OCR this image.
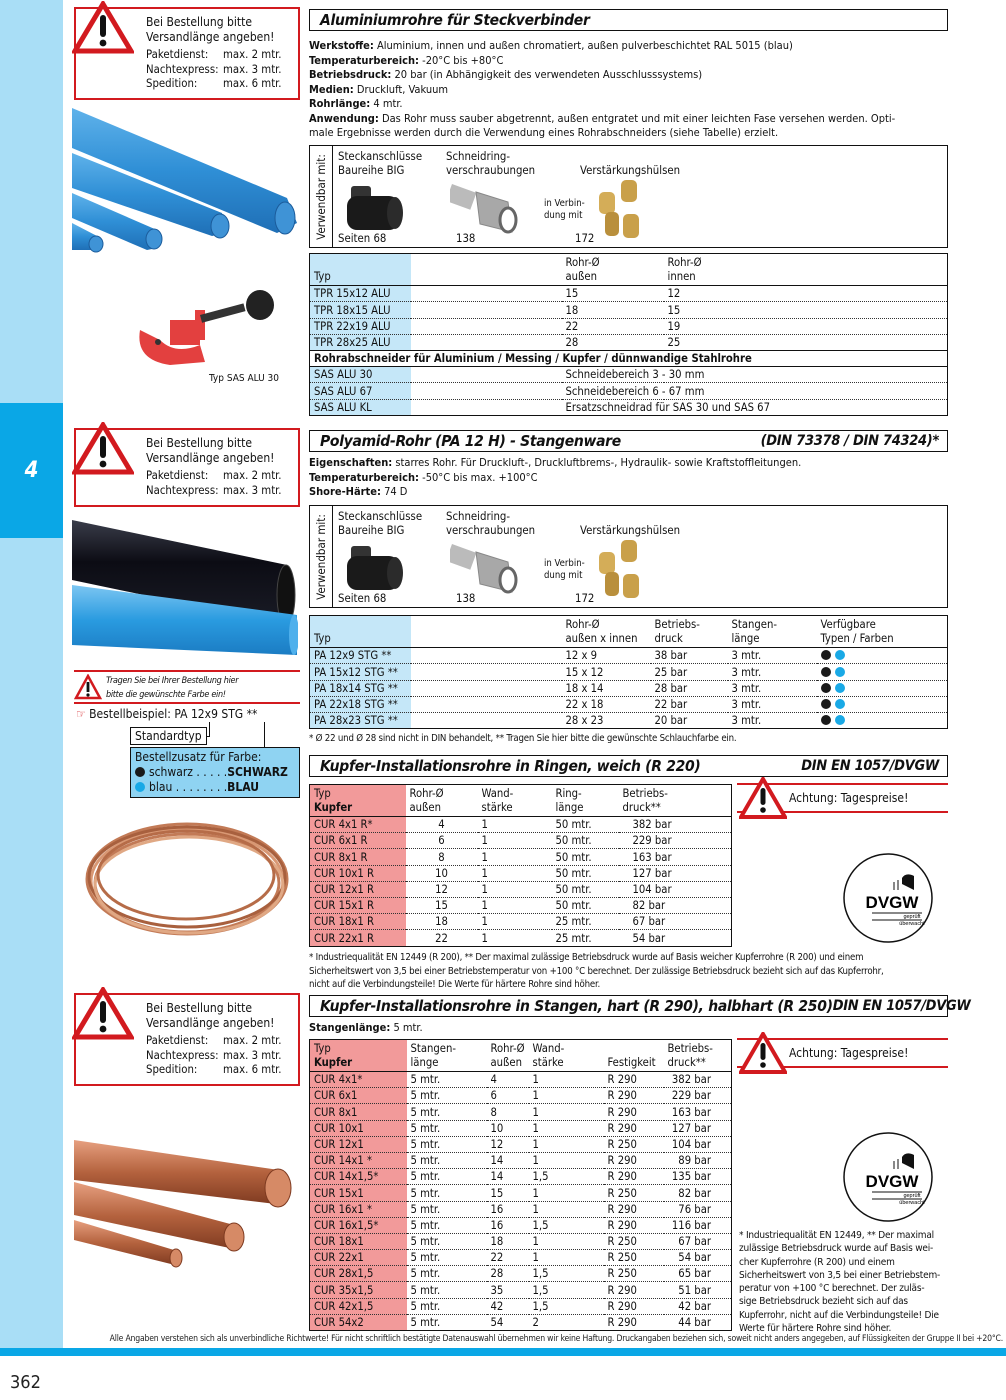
4
Bei Bestellung bitte
Versandlänge angeben!
Paketdienst:	max. 2 mtr.
Nachtexpress: max. 3 mtr.
Spedition:	max. 6 mtr.
Typ SAS ALU 30
Aluminiumrohre für Steckverbinder
Werkstoffe: Aluminium, innen und außen chromatiert, außen pulverbeschichtet RAL 5015 (blau)
Temperaturbereich: -20°C bis +80°C
Betriebsdruck: 20 bar (in Abhängigkeit des verwendeten Ausschlusssystems)
Medien: Druckluft, Vakuum
Rohrlänge: 4 mtr.
Anwendung: Das Rohr muss sauber abgetrennt, außen entgratet und mit einer leichten Fase versehen werden. Opti-
male Ergebnisse werden durch die Verwendung eines Rohrabschneiders (siehe Tabelle) erzielt.
Verwendbar mit: Steckanschlüsse
Baureihe BIG
Schneidring-
verschraubungen	Verstärkungshülsen
in Verbin-
dung mit
Seiten 68	138	172
Typ		
Rohr-Ø
außen

Rohr-Ø
innen

TPR 15x12 ALU		15	12
TPR 18x15 ALU		18	15
TPR 22x19 ALU		22	19
TPR 28x25 ALU		28	25
Rohrabschneider für Aluminium / Messing / Kupfer / dünnwandige Stahlrohre
SAS ALU 30		Schneidebereich 3 - 30 mm
SAS ALU 67		Schneidebereich 6 - 67 mm
SAS ALU KL		Ersatzschneidrad für SAS 30 und SAS 67
Bei Bestellung bitte
Versandlänge angeben!
Paketdienst:	max. 2 mtr.
Nachtexpress: max. 3 mtr.
Polyamid-Rohr (PA 12 H) - Stangenware	(DIN 73378 / DIN 74324)*
Eigenschaften: starres Rohr. Für Druckluft-, Druckluftbrems-, Hydraulik- sowie Kraftstoffleitungen.
Temperaturbereich: -50°C bis max. +100°C
Shore-Härte: 74 D
Verwendbar mit: Steckanschlüsse
Baureihe BIG
Schneidring-
verschraubungen	Verstärkungshülsen
in Verbin-
dung mit
Seiten 68	138	172
Typ		
Rohr-Ø
außen x innen

Betriebs-
druck

Stangen-
länge

Verfügbare
Typen / Farben

PA 12x9 STG **		12 x 9	38 bar	3 mtr.	
PA 15x12 STG **		15 x 12	25 bar	3 mtr.	
PA 18x14 STG **		18 x 14	28 bar	3 mtr.	
PA 22x18 STG **		22 x 18	22 bar	3 mtr.	
PA 28x23 STG **		28 x 23	20 bar	3 mtr.	
* Ø 22 und Ø 28 sind nicht in DIN behandelt, ** Tragen Sie hier bitte die gewünschte Schlauchfarbe ein.
Tragen Sie bei Ihrer Bestellung hier
bitte die gewünschte Farbe ein!
☞ Bestellbeispiel: PA 12x9 STG **
Standardtyp
Bestellzusatz für Farbe:
schwarz . . . . .SCHWARZ
blau . . . . . . . .BLAU
Kupfer-Installationsrohre in Ringen, weich (R 220)	DIN EN 1057/DVGW
Typ
Kupfer

Rohr-Ø
außen

Wand-
stärke

Ring-
länge

Betriebs-
druck**

CUR 4x1 R*	4	1	50 mtr.	382 bar
CUR 6x1 R	6	1	50 mtr.	229 bar
CUR 8x1 R	8	1	50 mtr.	163 bar
CUR 10x1 R	10	1	50 mtr.	127 bar
CUR 12x1 R	12	1	50 mtr.	104 bar
CUR 15x1 R	15	1	50 mtr.	82 bar
CUR 18x1 R	18	1	25 mtr.	67 bar
CUR 22x1 R	22	1	25 mtr.	54 bar
Achtung: Tagespreise!
DVGW
geprüft
überwacht
* Industriequalität EN 12449 (R 200), ** Der maximal zulässige Betriebsdruck wurde auf Basis weicher Kupferrohre (R 200) und einem
Sicherheitswert von 3,5 bei einer Betriebstemperatur von +100 °C berechnet. Der zulässige Betriebsdruck bezieht sich auf das Kupferrohr,
nicht auf die Verbindungsteile! Die Werte für härtere Rohre sind höher.
Bei Bestellung bitte
Versandlänge angeben!
Paketdienst:	max. 2 mtr.
Nachtexpress: max. 3 mtr.
Spedition:	max. 6 mtr.
Kupfer-Installationsrohre in Stangen, hart (R 290), halbhart (R 250) DIN EN 1057/DVGW
Stangenlänge: 5 mtr.
Typ
Kupfer

Stangen-
länge

Rohr-Ø
außen

Wand-
stärke	Festigkeit	
Betriebs-
druck**

CUR 4x1*	5 mtr.	4	1	R 290	382 bar
CUR 6x1	5 mtr.	6	1	R 290	229 bar
CUR 8x1	5 mtr.	8	1	R 290	163 bar
CUR 10x1	5 mtr.	10	1	R 290	127 bar
CUR 12x1	5 mtr.	12	1	R 250	104 bar
CUR 14x1 *	5 mtr.	14	1	R 290	89 bar
CUR 14x1,5*	5 mtr.	14	1,5	R 290	135 bar
CUR 15x1	5 mtr.	15	1	R 250	82 bar
CUR 16x1 *	5 mtr.	16	1	R 290	76 bar
CUR 16x1,5*	5 mtr.	16	1,5	R 290	116 bar
CUR 18x1	5 mtr.	18	1	R 250	67 bar
CUR 22x1	5 mtr.	22	1	R 250	54 bar
CUR 28x1,5	5 mtr.	28	1,5	R 250	65 bar
CUR 35x1,5	5 mtr.	35	1,5	R 290	51 bar
CUR 42x1,5	5 mtr.	42	1,5	R 290	42 bar
CUR 54x2	5 mtr.	54	2	R 290	44 bar
Achtung: Tagespreise!
DVGW
geprüft
überwacht
* Industriequalität EN 12449, ** Der maximal
zulässige Betriebsdruck wurde auf Basis wei-
cher Kupferrohre (R 200) und einem
Sicherheitswert von 3,5 bei einer Betriebstem-
peratur von +100 °C berechnet. Der zuläs-
sige Betriebsdruck bezieht sich auf das
Kupferrohr, nicht auf die Verbindungsteile! Die
Werte für härtere Rohre sind höher.
Alle Angaben verstehen sich als unverbindliche Richtwerte! Für nicht schriftlich bestätigte Datenauswahl übernehmen wir keine Haftung. Druckangaben beziehen sich, soweit nicht anders angegeben, auf Flüssigkeiten der Gruppe II bei +20°C.
362
